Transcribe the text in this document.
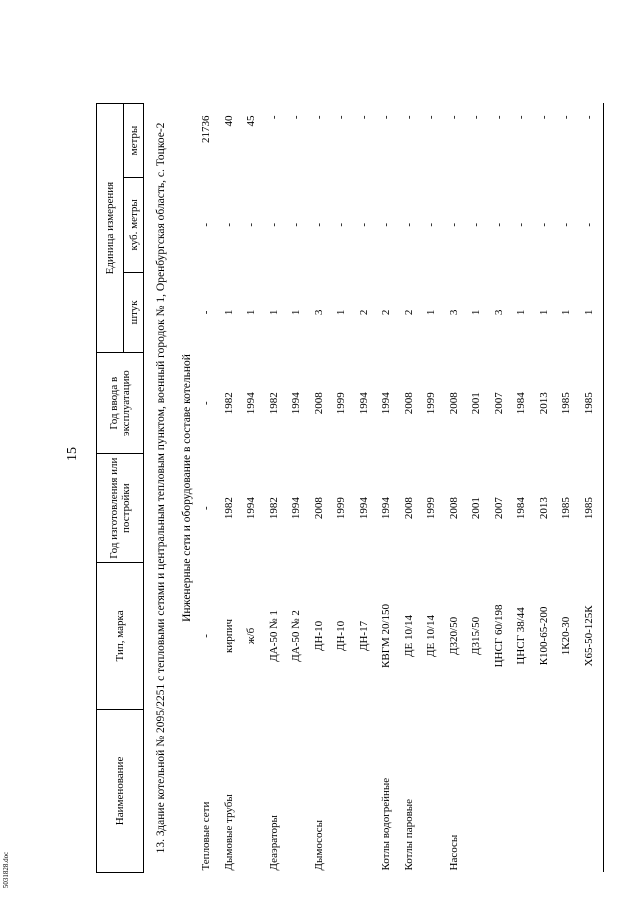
15
Наименование	Тип, марка	Год изготовления или постройки	Год ввода в эксплуатацию	Единица измерения		
				штук	куб. метры	метры
13. Здание котельной № 2095/2251 с тепловыми сетями и центральным тепловым пунктом, военный городок № 1, Оренбургская область, с. Тоцкое-2						
Инженерные сети и оборудование в составе котельной						
Тепловые сети	-	-	-	-	-	21736
Дымовые трубы	кирпич	1982	1982	1	-	40
	ж/б	1994	1994	1	-	45
Деаэраторы	ДА-50 № 1	1982	1982	1	-	-
	ДА-50 № 2	1994	1994	1	-	-
Дымососы	ДН-10	2008	2008	3	-	-
	ДН-10	1999	1999	1	-	-
	ДН-17	1994	1994	2	-	-
Котлы водогрейные	КВГМ 20/150	1994	1994	2	-	-
Котлы паровые	ДЕ 10/14	2008	2008	2	-	-
	ДЕ 10/14	1999	1999	1	-	-
Насосы	Д320/50	2008	2008	3	-	-
	Д315/50	2001	2001	1	-	-
	ЦНСГ 60/198	2007	2007	3	-	-
	ЦНСГ 38/44	1984	1984	1	-	-
	К100-65-200	2013	2013	1	-	-
	1К20-30	1985	1985	1	-	-
	Х65-50-125К	1985	1985	1	-	-

5031828.doc
